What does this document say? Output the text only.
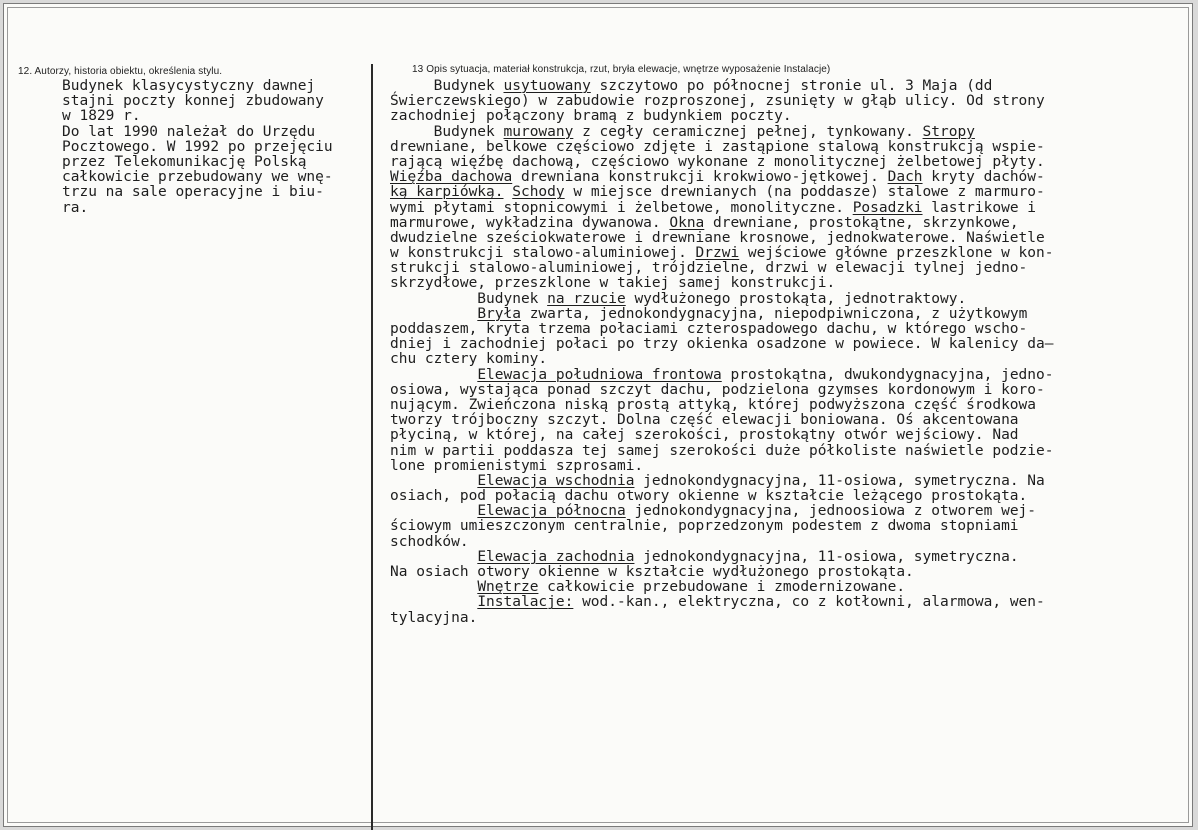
12. Autorzy, historia obiektu, określenia stylu.	13 Opis sytuacja, materiał konstrukcja, rzut, bryła elewacje, wnętrze wyposażenie Instalacje)
Budynek klasycystyczny dawnej
stajni poczty konnej zbudowany
w 1829 r.
Do lat 1990 należał do Urzędu
Pocztowego. W 1992 po przejęciu
przez Telekomunikację Polską
całkowicie przebudowany we wnę-
trzu na sale operacyjne i biu-
ra.
Budynek usytuowany szczytowo po północnej stronie ul. 3 Maja (dd
Świerczewskiego) w zabudowie rozproszonej, zsunięty w głąb ulicy. Od strony
zachodniej połączony bramą z budynkiem poczty.
Budynek murowany z cegły ceramicznej pełnej, tynkowany. Stropy
drewniane, belkowe częściowo zdjęte i zastąpione stalową konstrukcją wspie-
rającą więźbę dachową, częściowo wykonane z monolitycznej żelbetowej płyty.
Więźba dachowa drewniana konstrukcji krokwiowo-jętkowej. Dach kryty dachów-
ką karpiówką. Schody w miejsce drewnianych (na poddasze) stalowe z marmuro-
wymi płytami stopnicowymi i żelbetowe, monolityczne. Posadzki lastrikowe i
marmurowe, wykładzina dywanowa. Okna drewniane, prostokątne, skrzynkowe,
dwudzielne sześciokwaterowe i drewniane krosnowe, jednokwaterowe. Naświetle
w konstrukcji stalowo-aluminiowej. Drzwi wejściowe główne przeszklone w kon-
strukcji stalowo-aluminiowej, trójdzielne, drzwi w elewacji tylnej jedno-
skrzydłowe, przeszklone w takiej samej konstrukcji.
Budynek na rzucie wydłużonego prostokąta, jednotraktowy.
Bryła zwarta, jednokondygnacyjna, niepodpiwniczona, z użytkowym
poddaszem, kryta trzema połaciami czterospadowego dachu, w którego wscho-
dniej i zachodniej połaci po trzy okienka osadzone w powiece. W kalenicy da—
chu cztery kominy.
Elewacja południowa frontowa prostokątna, dwukondygnacyjna, jedno-
osiowa, wystająca ponad szczyt dachu, podzielona gzymses kordonowym i koro-
nującym. Zwieńczona niską prostą attyką, której podwyższona część środkowa
tworzy trójboczny szczyt. Dolna część elewacji boniowana. Oś akcentowana
płyciną, w której, na całej szerokości, prostokątny otwór wejściowy. Nad
nim w partii poddasza tej samej szerokości duże półkoliste naświetle podzie-
lone promienistymi szprosami.
Elewacja wschodnia jednokondygnacyjna, 11-osiowa, symetryczna. Na
osiach, pod połacią dachu otwory okienne w kształcie leżącego prostokąta.
Elewacja północna jednokondygnacyjna, jednoosiowa z otworem wej-
ściowym umieszczonym centralnie, poprzedzonym podestem z dwoma stopniami
schodków.
Elewacja zachodnia jednokondygnacyjna, 11-osiowa, symetryczna.
Na osiach otwory okienne w kształcie wydłużonego prostokąta.
Wnętrze całkowicie przebudowane i zmodernizowane.
Instalacje: wod.-kan., elektryczna, co z kotłowni, alarmowa, wen-
tylacyjna.
